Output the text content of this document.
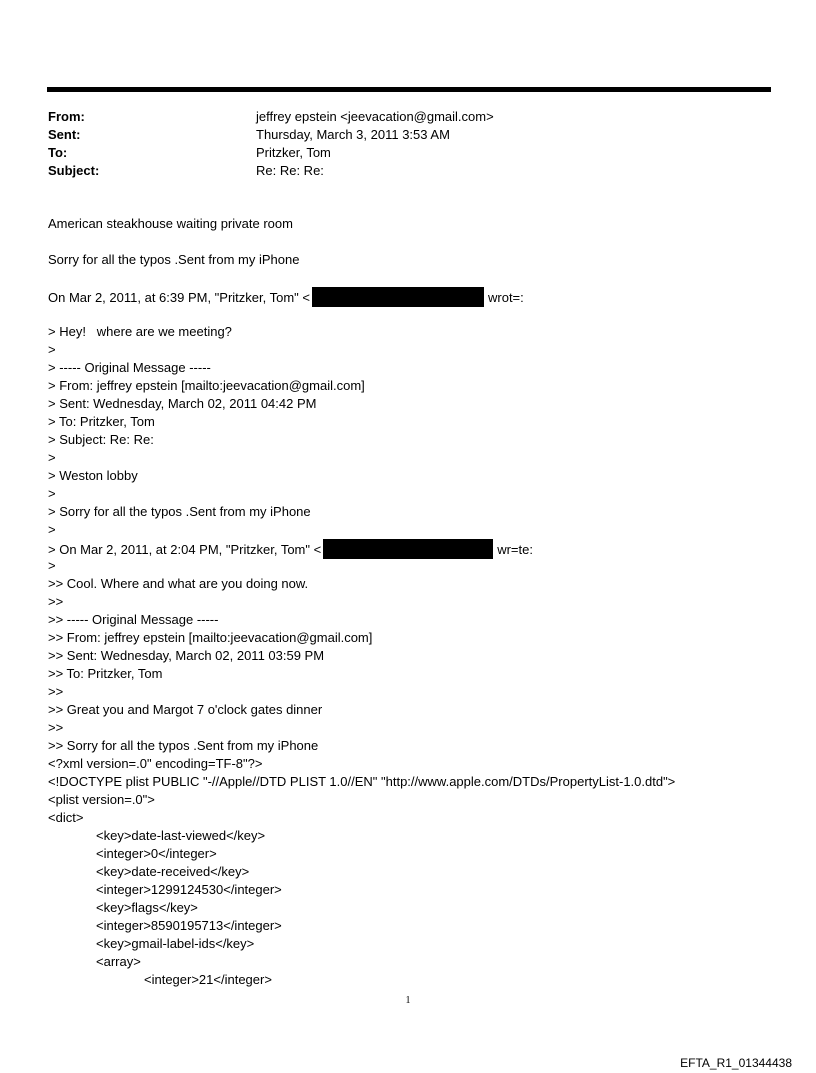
From:	jeffrey epstein <jeevacation@gmail.com>
Sent:	Thursday, March 3, 2011 3:53 AM
To:	Pritzker, Tom
Subject:	Re: Re: Re:
American steakhouse waiting private room
Sorry for all the typos .Sent from my iPhone
On Mar 2, 2011, at 6:39 PM, "Pritzker, Tom" <	wrot=:
> Hey!   where are we meeting?
>
> ----- Original Message -----
> From: jeffrey epstein [mailto:jeevacation@gmail.com]
> Sent: Wednesday, March 02, 2011 04:42 PM
> To: Pritzker, Tom
> Subject: Re: Re:
>
> Weston lobby
>
> Sorry for all the typos .Sent from my iPhone
>
> On Mar 2, 2011, at 2:04 PM, "Pritzker, Tom" <	wr=te:
>
>> Cool. Where and what are you doing now.
>>
>> ----- Original Message -----
>> From: jeffrey epstein [mailto:jeevacation@gmail.com]
>> Sent: Wednesday, March 02, 2011 03:59 PM
>> To: Pritzker, Tom
>>
>> Great you and Margot 7 o'clock gates dinner
>>
>> Sorry for all the typos .Sent from my iPhone
<?xml version=.0" encoding=TF-8"?>
<!DOCTYPE plist PUBLIC "-//Apple//DTD PLIST 1.0//EN" "http://www.apple.com/DTDs/PropertyList-1.0.dtd">
<plist version=.0">
<dict>
<key>date-last-viewed</key>
<integer>0</integer>
<key>date-received</key>
<integer>1299124530</integer>
<key>flags</key>
<integer>8590195713</integer>
<key>gmail-label-ids</key>
<array>
<integer>21</integer>
1
EFTA_R1_01344438
